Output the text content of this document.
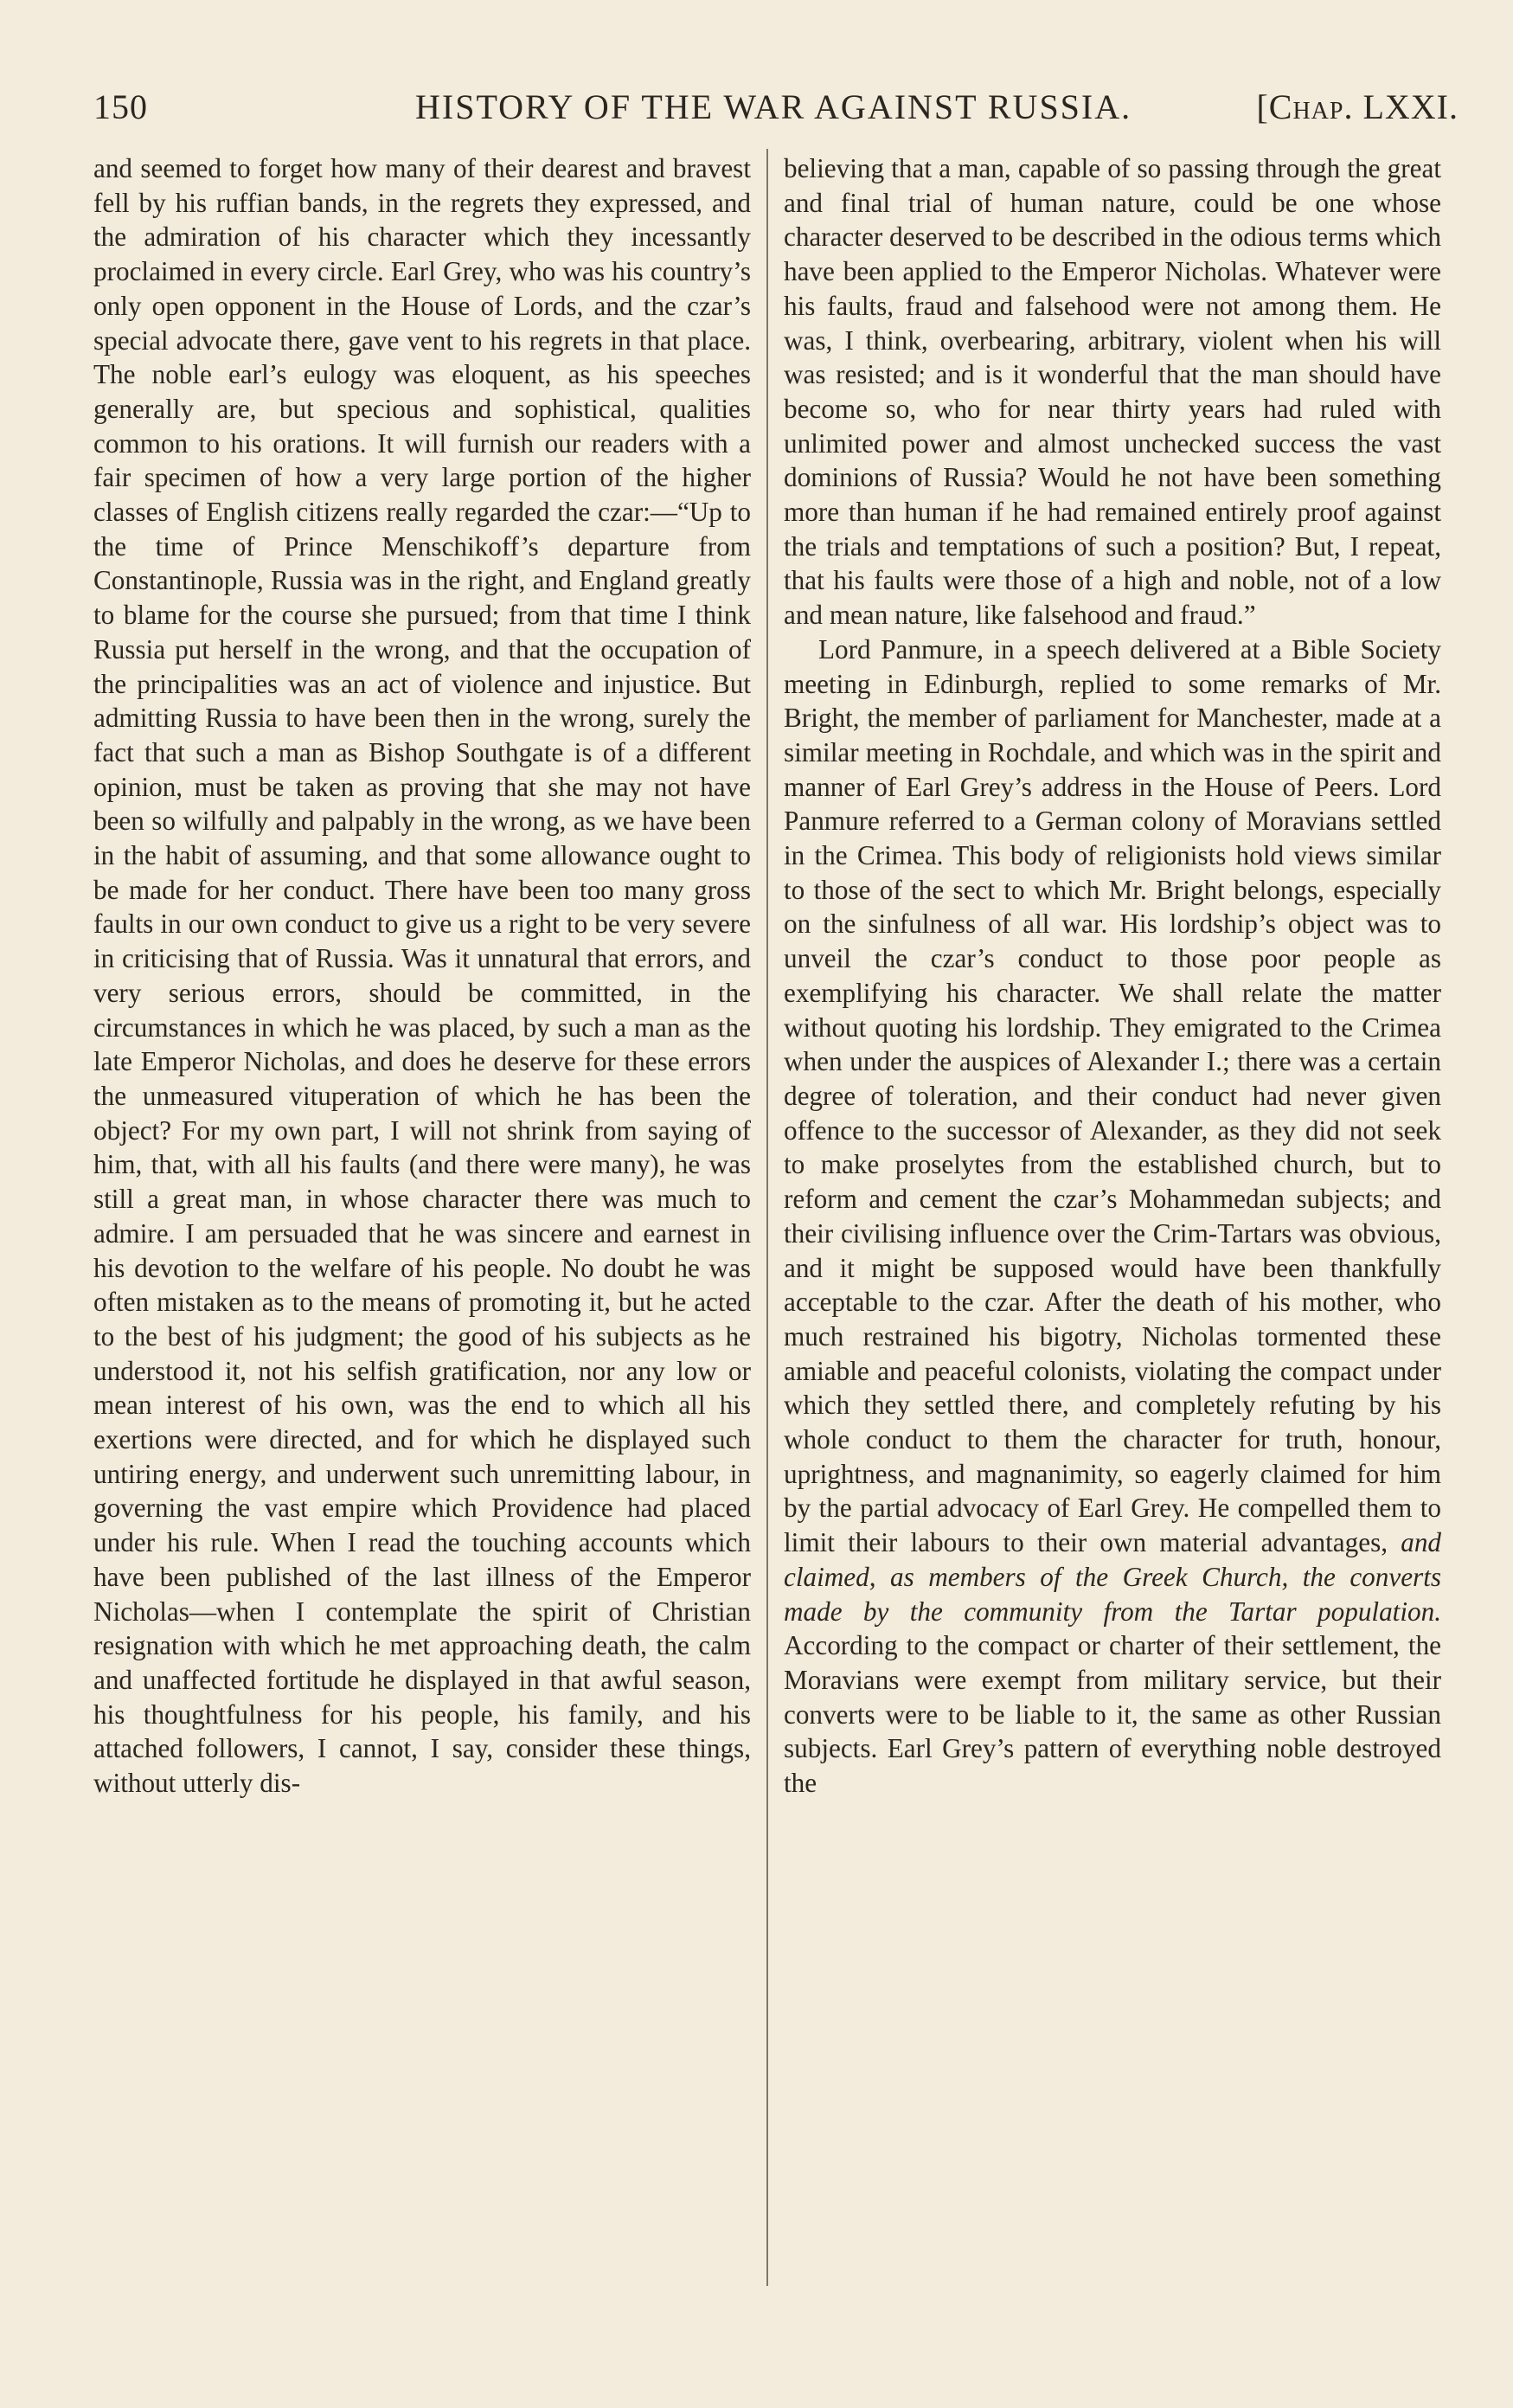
150	HISTORY OF THE WAR AGAINST RUSSIA.	[Chap. LXXI.

and seemed to forget how many of their dearest and bravest fell by his ruffian bands, in the regrets they expressed, and the admiration of his character which they incessantly proclaimed in every circle. Earl Grey, who was his country’s only open opponent in the House of Lords, and the czar’s special advocate there, gave vent to his regrets in that place. The noble earl’s eulogy was eloquent, as his speeches generally are, but specious and sophistical, qualities common to his orations. It will furnish our readers with a fair specimen of how a very large portion of the higher classes of English citizens really regarded the czar:—“Up to the time of Prince Menschikoff’s departure from Constantinople, Russia was in the right, and England greatly to blame for the course she pursued; from that time I think Russia put herself in the wrong, and that the occupation of the principalities was an act of violence and injustice. But admitting Russia to have been then in the wrong, surely the fact that such a man as Bishop Southgate is of a different opinion, must be taken as proving that she may not have been so wilfully and palpably in the wrong, as we have been in the habit of assuming, and that some allowance ought to be made for her conduct. There have been too many gross faults in our own conduct to give us a right to be very severe in criticising that of Russia. Was it unnatural that errors, and very serious errors, should be committed, in the circumstances in which he was placed, by such a man as the late Emperor Nicholas, and does he deserve for these errors the unmeasured vituperation of which he has been the object? For my own part, I will not shrink from saying of him, that, with all his faults (and there were many), he was still a great man, in whose character there was much to admire. I am persuaded that he was sincere and earnest in his devotion to the welfare of his people. No doubt he was often mistaken as to the means of promoting it, but he acted to the best of his judgment; the good of his subjects as he understood it, not his selfish gratification, nor any low or mean interest of his own, was the end to which all his exertions were directed, and for which he displayed such untiring energy, and underwent such unremitting labour, in governing the vast empire which Providence had placed under his rule. When I read the touching accounts which have been published of the last illness of the Emperor Nicholas—when I contemplate the spirit of Christian resignation with which he met approaching death, the calm and unaffected fortitude he displayed in that awful season, his thoughtfulness for his people, his family, and his attached followers, I cannot, I say, consider these things, without utterly dis-

believing that a man, capable of so passing through the great and final trial of human nature, could be one whose character deserved to be described in the odious terms which have been applied to the Emperor Nicholas. Whatever were his faults, fraud and falsehood were not among them. He was, I think, overbearing, arbitrary, violent when his will was resisted; and is it wonderful that the man should have become so, who for near thirty years had ruled with unlimited power and almost unchecked success the vast dominions of Russia? Would he not have been something more than human if he had remained entirely proof against the trials and temptations of such a position? But, I repeat, that his faults were those of a high and noble, not of a low and mean nature, like falsehood and fraud.”

Lord Panmure, in a speech delivered at a Bible Society meeting in Edinburgh, replied to some remarks of Mr. Bright, the member of parliament for Manchester, made at a similar meeting in Rochdale, and which was in the spirit and manner of Earl Grey’s address in the House of Peers. Lord Panmure referred to a German colony of Moravians settled in the Crimea. This body of religionists hold views similar to those of the sect to which Mr. Bright belongs, especially on the sinfulness of all war. His lordship’s object was to unveil the czar’s conduct to those poor people as exemplifying his character. We shall relate the matter without quoting his lordship. They emigrated to the Crimea when under the auspices of Alexander I.; there was a certain degree of toleration, and their conduct had never given offence to the successor of Alexander, as they did not seek to make proselytes from the established church, but to reform and cement the czar’s Mohammedan subjects; and their civilising influence over the Crim-Tartars was obvious, and it might be supposed would have been thankfully acceptable to the czar. After the death of his mother, who much restrained his bigotry, Nicholas tormented these amiable and peaceful colonists, violating the compact under which they settled there, and completely refuting by his whole conduct to them the character for truth, honour, uprightness, and magnanimity, so eagerly claimed for him by the partial advocacy of Earl Grey. He compelled them to limit their labours to their own material advantages, and claimed, as members of the Greek Church, the converts made by the community from the Tartar population. According to the compact or charter of their settlement, the Moravians were exempt from military service, but their converts were to be liable to it, the same as other Russian subjects. Earl Grey’s pattern of everything noble destroyed the
